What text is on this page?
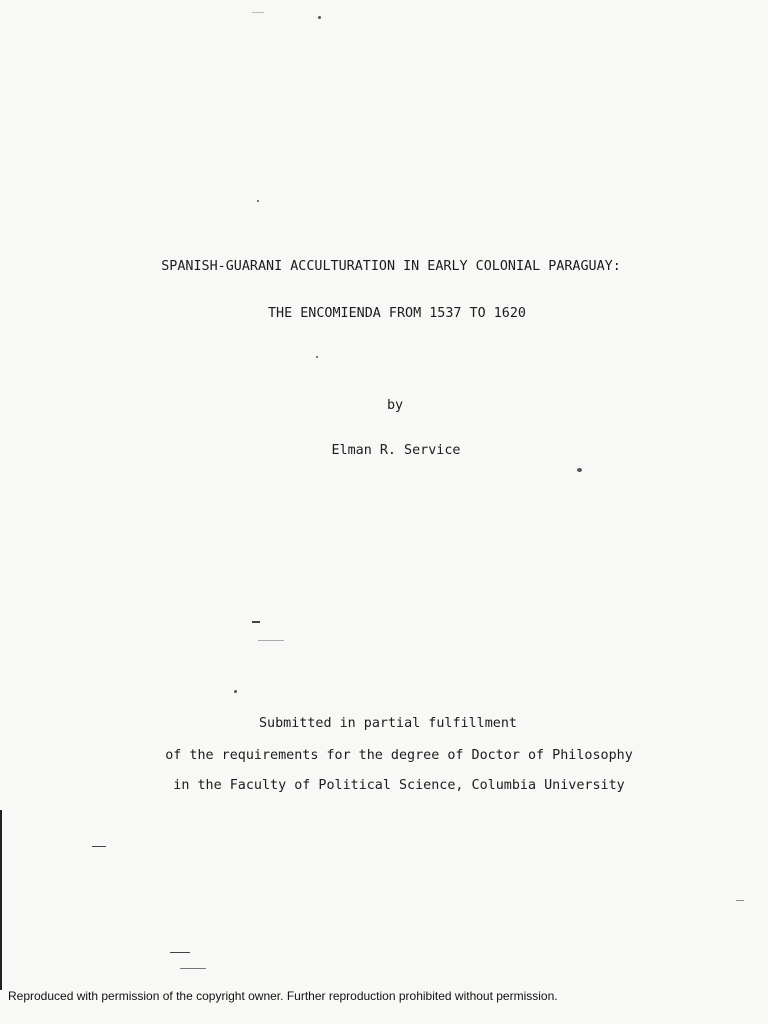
SPANISH-GUARANI ACCULTURATION IN EARLY COLONIAL PARAGUAY:

THE ENCOMIENDA FROM 1537 TO 1620

by

Elman R. Service

Submitted in partial fulfillment

of the requirements for the degree of Doctor of Philosophy

in the Faculty of Political Science, Columbia University

Reproduced with permission of the copyright owner. Further reproduction prohibited without permission.
